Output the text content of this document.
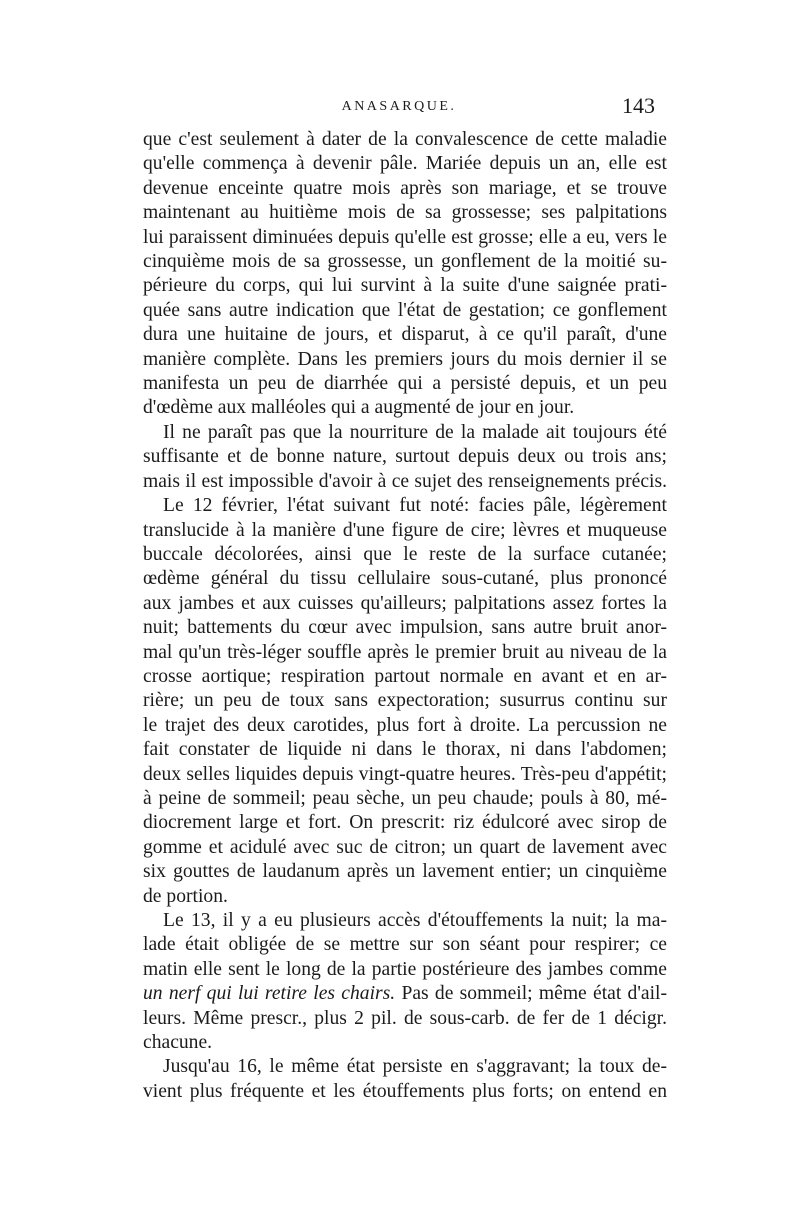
ANASARQUE.	143

que c'est seulement à dater de la convalescence de cette maladie
qu'elle commença à devenir pâle. Mariée depuis un an, elle est
devenue enceinte quatre mois après son mariage, et se trouve
maintenant au huitième mois de sa grossesse; ses palpitations
lui paraissent diminuées depuis qu'elle est grosse; elle a eu, vers le
cinquième mois de sa grossesse, un gonflement de la moitié su-
périeure du corps, qui lui survint à la suite d'une saignée prati-
quée sans autre indication que l'état de gestation; ce gonflement
dura une huitaine de jours, et disparut, à ce qu'il paraît, d'une
manière complète. Dans les premiers jours du mois dernier il se
manifesta un peu de diarrhée qui a persisté depuis, et un peu
d'œdème aux malléoles qui a augmenté de jour en jour.

Il ne paraît pas que la nourriture de la malade ait toujours été
suffisante et de bonne nature, surtout depuis deux ou trois ans;
mais il est impossible d'avoir à ce sujet des renseignements précis.

Le 12 février, l'état suivant fut noté: facies pâle, légèrement
translucide à la manière d'une figure de cire; lèvres et muqueuse
buccale décolorées, ainsi que le reste de la surface cutanée;
œdème général du tissu cellulaire sous-cutané, plus prononcé
aux jambes et aux cuisses qu'ailleurs; palpitations assez fortes la
nuit; battements du cœur avec impulsion, sans autre bruit anor-
mal qu'un très-léger souffle après le premier bruit au niveau de la
crosse aortique; respiration partout normale en avant et en ar-
rière; un peu de toux sans expectoration; susurrus continu sur
le trajet des deux carotides, plus fort à droite. La percussion ne
fait constater de liquide ni dans le thorax, ni dans l'abdomen;
deux selles liquides depuis vingt-quatre heures. Très-peu d'appétit;
à peine de sommeil; peau sèche, un peu chaude; pouls à 80, mé-
diocrement large et fort. On prescrit: riz édulcoré avec sirop de
gomme et acidulé avec suc de citron; un quart de lavement avec
six gouttes de laudanum après un lavement entier; un cinquième
de portion.

Le 13, il y a eu plusieurs accès d'étouffements la nuit; la ma-
lade était obligée de se mettre sur son séant pour respirer; ce
matin elle sent le long de la partie postérieure des jambes comme
un nerf qui lui retire les chairs. Pas de sommeil; même état d'ail-
leurs. Même prescr., plus 2 pil. de sous-carb. de fer de 1 décigr.
chacune.

Jusqu'au 16, le même état persiste en s'aggravant; la toux de-
vient plus fréquente et les étouffements plus forts; on entend en
